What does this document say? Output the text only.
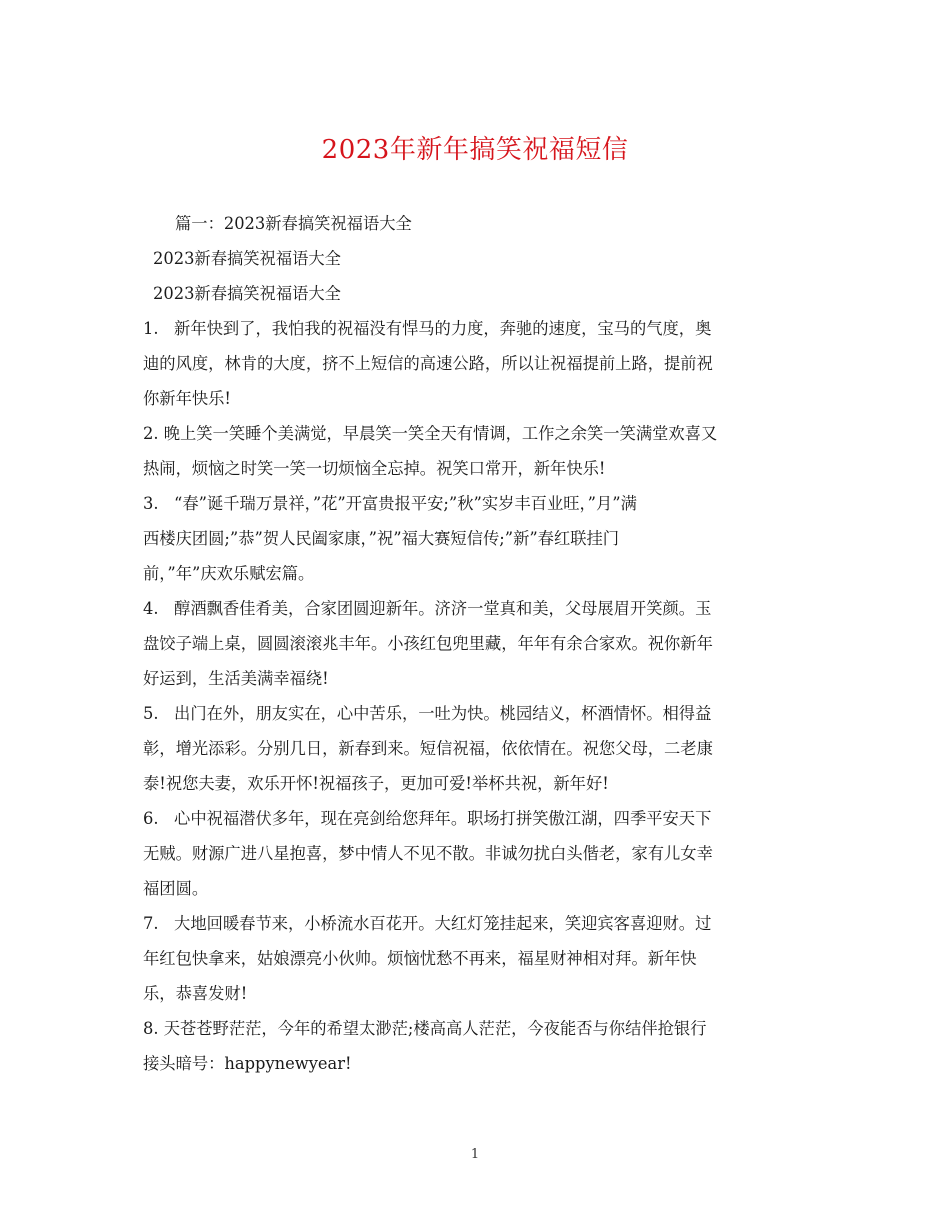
2023年新年搞笑祝福短信
篇一：2023新春搞笑祝福语大全
2023新春搞笑祝福语大全
2023新春搞笑祝福语大全
1.   新年快到了，我怕我的祝福没有悍马的力度，奔驰的速度，宝马的气度，奥
迪的风度，林肯的大度，挤不上短信的高速公路，所以让祝福提前上路，提前祝
你新年快乐!
2. 晚上笑一笑睡个美满觉，早晨笑一笑全天有情调，工作之余笑一笑满堂欢喜又
热闹，烦恼之时笑一笑一切烦恼全忘掉。祝笑口常开，新年快乐!
3.   “春”诞千瑞万景祥，”花”开富贵报平安;”秋”实岁丰百业旺，”月”满
西楼庆团圆;”恭”贺人民阖家康，”祝”福大赛短信传;”新”春红联挂门
前，”年”庆欢乐赋宏篇。
4.   醇酒飘香佳肴美，合家团圆迎新年。济济一堂真和美，父母展眉开笑颜。玉
盘饺子端上桌，圆圆滚滚兆丰年。小孩红包兜里藏，年年有余合家欢。祝你新年
好运到，生活美满幸福绕!
5.   出门在外，朋友实在，心中苦乐，一吐为快。桃园结义，杯酒情怀。相得益
彰，增光添彩。分别几日，新春到来。短信祝福，依依情在。祝您父母，二老康
泰!祝您夫妻，欢乐开怀!祝福孩子，更加可爱!举杯共祝，新年好!
6.   心中祝福潜伏多年，现在亮剑给您拜年。职场打拼笑傲江湖，四季平安天下
无贼。财源广进八星抱喜，梦中情人不见不散。非诚勿扰白头偕老，家有儿女幸
福团圆。
7.   大地回暖春节来，小桥流水百花开。大红灯笼挂起来，笑迎宾客喜迎财。过
年红包快拿来，姑娘漂亮小伙帅。烦恼忧愁不再来，福星财神相对拜。新年快
乐，恭喜发财!
8. 天苍苍野茫茫，今年的希望太渺茫;楼高高人茫茫，今夜能否与你结伴抢银行
接头暗号：happynewyear!
1
